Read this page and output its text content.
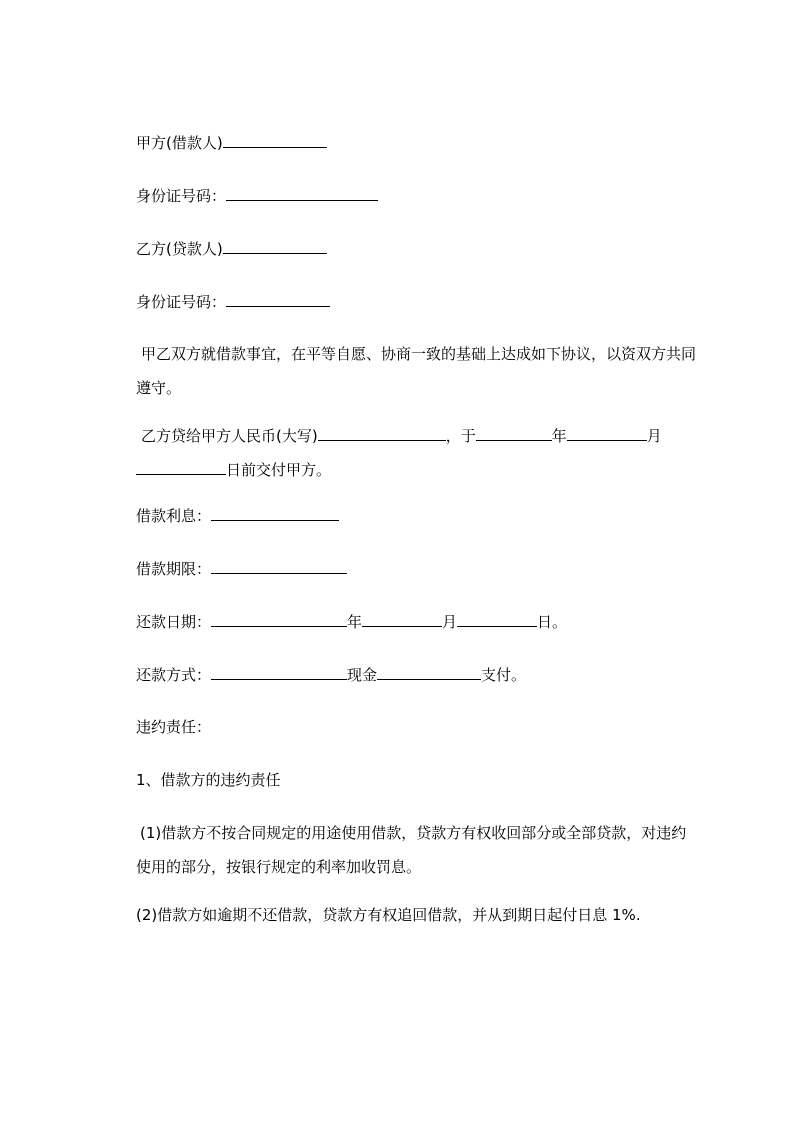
甲方(借款人)
身份证号码：
乙方(贷款人)
身份证号码：
甲乙双方就借款事宜，在平等自愿、协商一致的基础上达成如下协议，以资双方共同遵守。
乙方贷给甲方人民币(大写)	，于	年	月日前交付甲方。
借款利息：
借款期限：
还款日期：	年	月	日。
还款方式：	现金	支付。
违约责任：
1、借款方的违约责任
(1)借款方不按合同规定的用途使用借款，贷款方有权收回部分或全部贷款，对违约使用的部分，按银行规定的利率加收罚息。
(2)借款方如逾期不还借款，贷款方有权追回借款，并从到期日起付日息 1%.
